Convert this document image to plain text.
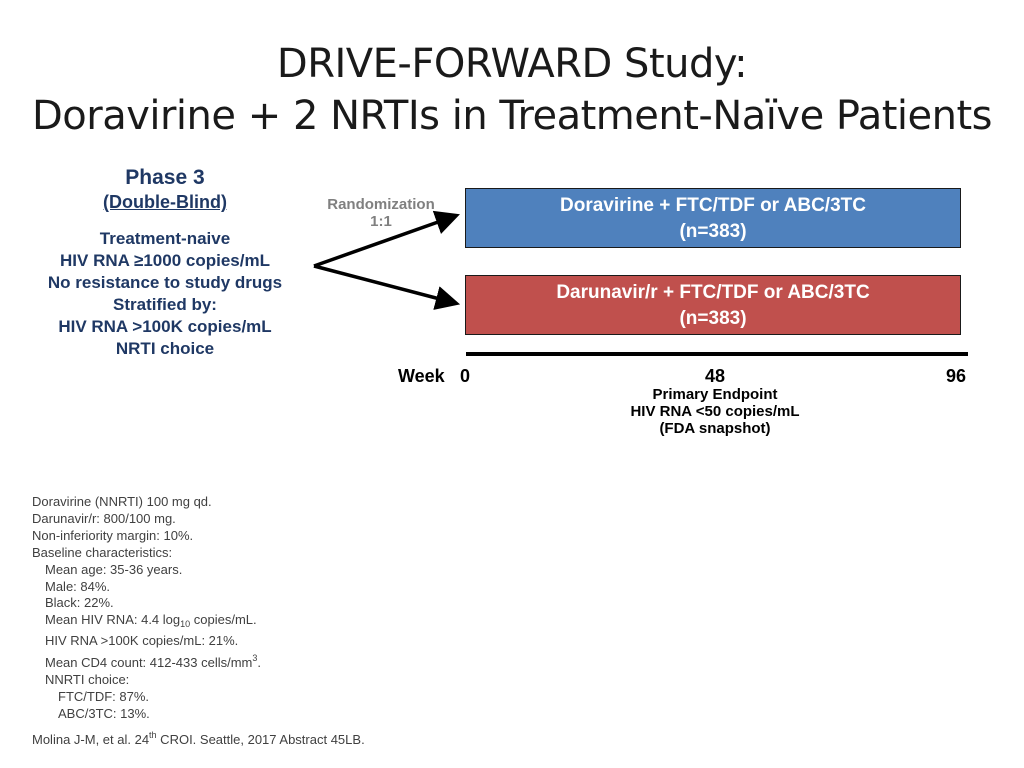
DRIVE-FORWARD Study:
Doravirine + 2 NRTIs in Treatment-Naïve Patients
Phase 3
(Double-Blind)
Treatment-naive
HIV RNA ≥1000 copies/mL
No resistance to study drugs
Stratified by:
HIV RNA >100K copies/mL
NRTI choice
Randomization
1:1
Doravirine + FTC/TDF or ABC/3TC
(n=383)
Darunavir/r + FTC/TDF or ABC/3TC
(n=383)
Week 0	48	96
Primary Endpoint
HIV RNA <50 copies/mL
(FDA snapshot)
Doravirine (NNRTI) 100 mg qd.
Darunavir/r: 800/100 mg.
Non-inferiority margin: 10%.
Baseline characteristics:
Mean age: 35-36 years.
Male: 84%.
Black: 22%.
Mean HIV RNA: 4.4 $\log_{10}$ copies/mL.
HIV RNA >100K copies/mL: 21%.
Mean CD4 count: 412-433 cells/$mm^3$.
NNRTI choice:
FTC/TDF: 87%.
ABC/3TC: 13%.
Molina J-M, et al. 24th CROI. Seattle, 2017 Abstract 45LB.
